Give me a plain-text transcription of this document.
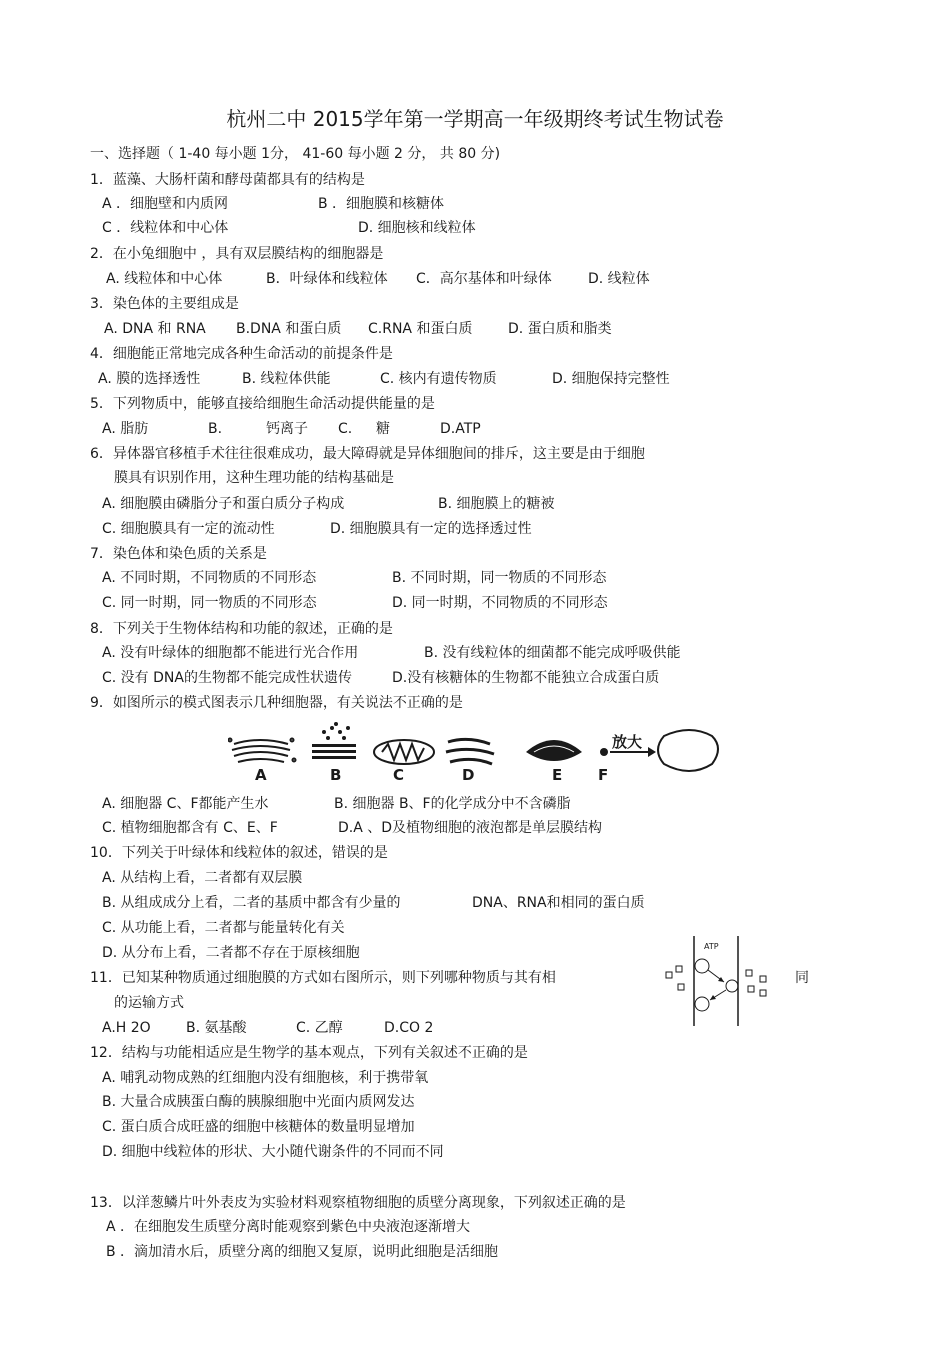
杭州二中 2015学年第一学期高一年级期终考试生物试卷
一、选择题（ 1-40 每小题 1分， 41-60 每小题 2 分， 共 80 分)
1．蓝藻、大肠杆菌和酵母菌都具有的结构是
A ．细胞壁和内质网	B ．细胞膜和核糖体
C ．线粒体和中心体	D. 细胞核和线粒体
2．在小兔细胞中 ，具有双层膜结构的细胞器是
A. 线粒体和中心体	B．叶绿体和线粒体 C．高尔基体和叶绿体	D. 线粒体
3．染色体的主要组成是
A. DNA 和 RNA B.DNA 和蛋白质 C.RNA 和蛋白质	D. 蛋白质和脂类
4．细胞能正常地完成各种生命活动的前提条件是
A. 膜的选择透性	B. 线粒体供能	C. 核内有遗传物质	D. 细胞保持完整性
5．下列物质中，能够直接给细胞生命活动提供能量的是
A. 脂肪	B.	钙离子 C. 糖	D.ATP
6．异体器官移植手术往往很难成功，最大障碍就是异体细胞间的排斥，这主要是由于细胞
膜具有识别作用，这种生理功能的结构基础是
A. 细胞膜由磷脂分子和蛋白质分子构成	B. 细胞膜上的糖被
C. 细胞膜具有一定的流动性	D. 细胞膜具有一定的选择透过性
7．染色体和染色质的关系是
A. 不同时期，不同物质的不同形态	B. 不同时期，同一物质的不同形态
C. 同一时期，同一物质的不同形态	D. 同一时期，不同物质的不同形态
8．下列关于生物体结构和功能的叙述，正确的是
A. 没有叶绿体的细胞都不能进行光合作用	B. 没有线粒体的细菌都不能完成呼吸供能
C. 没有 DNA的生物都不能完成性状遗传	D.没有核糖体的生物都不能独立合成蛋白质
9．如图所示的模式图表示几种细胞器，有关说法不正确的是
放大
A	B	C	D	E F
A. 细胞器 C、F都能产生水	B. 细胞器 B、F的化学成分中不含磷脂
C. 植物细胞都含有 C、E、F	D.A 、D及植物细胞的液泡都是单层膜结构
10．下列关于叶绿体和线粒体的叙述，错误的是
A. 从结构上看，二者都有双层膜
B. 从组成成分上看，二者的基质中都含有少量的	DNA、RNA和相同的蛋白质
C. 从功能上看，二者都与能量转化有关
D. 从分布上看，二者都不存在于原核细胞
11．已知某种物质通过细胞膜的方式如右图所示，则下列哪种物质与其有相	同
的运输方式
ATP
A.H 2O	B. 氨基酸	C. 乙醇	D.CO 2
12．结构与功能相适应是生物学的基本观点，下列有关叙述不正确的是
A. 哺乳动物成熟的红细胞内没有细胞核，利于携带氧
B. 大量合成胰蛋白酶的胰腺细胞中光面内质网发达
C. 蛋白质合成旺盛的细胞中核糖体的数量明显增加
D. 细胞中线粒体的形状、大小随代谢条件的不同而不同
13．以洋葱鳞片叶外表皮为实验材料观察植物细胞的质壁分离现象，下列叙述正确的是
A ．在细胞发生质壁分离时能观察到紫色中央液泡逐渐增大
B ．滴加清水后，质壁分离的细胞又复原，说明此细胞是活细胞
